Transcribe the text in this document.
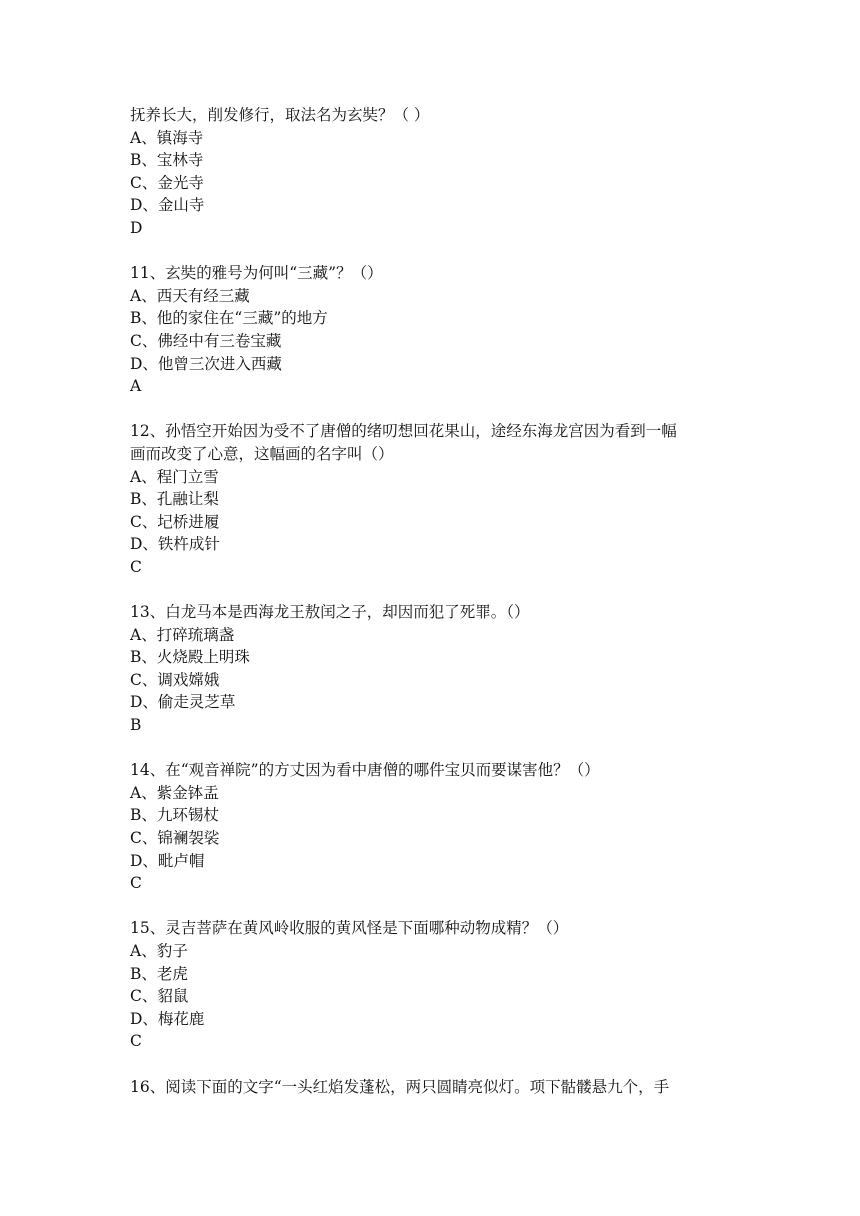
抚养长大，削发修行，取法名为玄奘？（ ）
A、镇海寺
B、宝林寺
C、金光寺
D、金山寺
D
11、玄奘的雅号为何叫“三藏”？（）
A、西天有经三藏
B、他的家住在“三藏”的地方
C、佛经中有三卷宝藏
D、他曾三次进入西藏
A
12、孙悟空开始因为受不了唐僧的绪叨想回花果山，途经东海龙宫因为看到一幅
画而改变了心意，这幅画的名字叫（）
A、程门立雪
B、孔融让梨
C、圮桥进履
D、铁杵成针
C
13、白龙马本是西海龙王敖闰之子，却因而犯了死罪。（）
A、打碎琉璃盏
B、火烧殿上明珠
C、调戏嫦娥
D、偷走灵芝草
B
14、在“观音禅院”的方丈因为看中唐僧的哪件宝贝而要谋害他？（）
A、紫金钵盂
B、九环锡杖
C、锦襕袈裟
D、毗卢帽
C
15、灵吉菩萨在黄风岭收服的黄风怪是下面哪种动物成精？（）
A、豹子
B、老虎
C、貂鼠
D、梅花鹿
C
16、阅读下面的文字“一头红焰发蓬松，两只圆睛亮似灯。项下骷髅悬九个，手
